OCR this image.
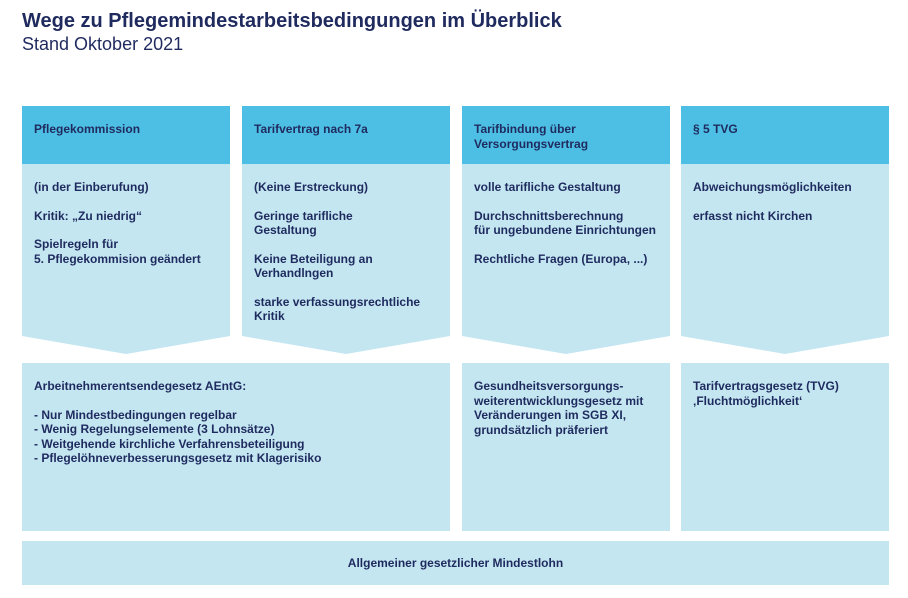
Wege zu Pflegemindestarbeitsbedingungen im Überblick
Stand Oktober 2021
Pflegekommission

(in der Einberufung)

Kritik: „Zu niedrig“

Spielregeln für
5. Pflegekommision geändert

Tarifvertrag nach 7a

(Keine Erstreckung)

Geringe tarifliche
Gestaltung

Keine Beteiligung an
Verhandlngen

starke verfassungsrechtliche
Kritik

Tarifbindung über
Versorgungsvertrag

volle tarifliche Gestaltung

Durchschnittsberechnung
für ungebundene Einrichtungen

Rechtliche Fragen (Europa, ...)

§ 5 TVG

Abweichungsmöglichkeiten

erfasst nicht Kirchen

Arbeitnehmerentsendegesetz AEntG:
- Nur Mindestbedingungen regelbar
- Wenig Regelungselemente (3 Lohnsätze)
- Weitgehende kirchliche Verfahrensbeteiligung
- Pflegelöhneverbesserungsgesetz mit Klagerisiko
Gesundheitsversorgungs-
weiterentwicklungsgesetz mit
Veränderungen im SGB XI,
grundsätzlich präferiert
Tarifvertragsgesetz (TVG)
‚Fluchtmöglichkeit‘
Allgemeiner gesetzlicher Mindestlohn
